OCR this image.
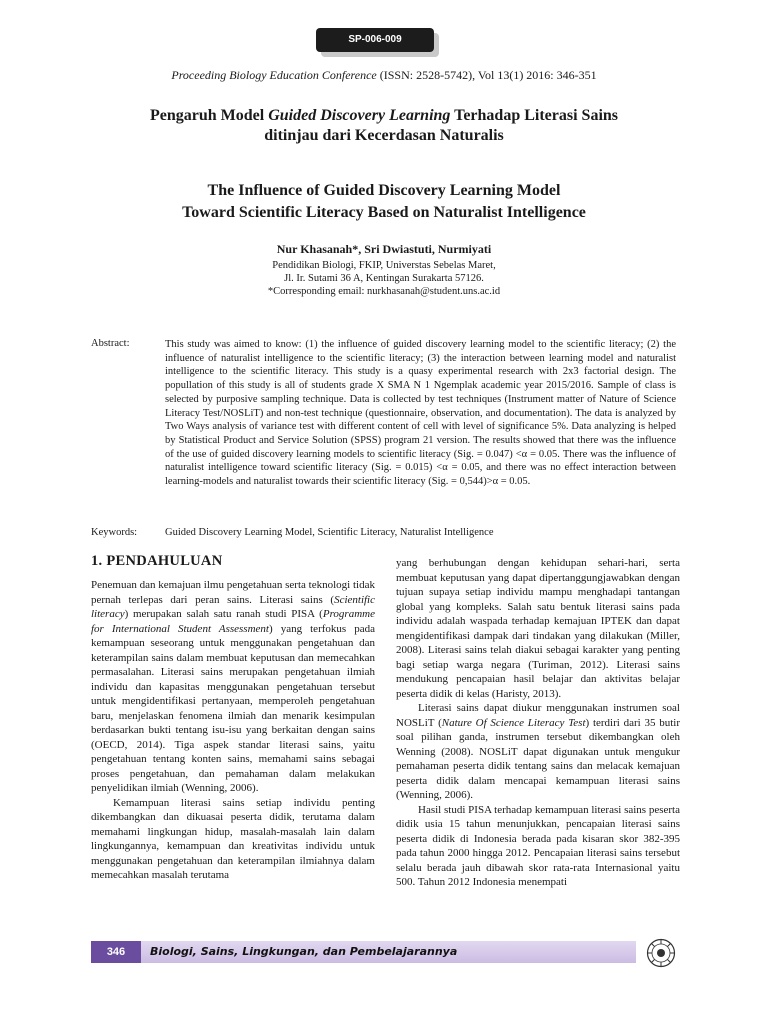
SP-006-009
Proceeding Biology Education Conference (ISSN: 2528-5742), Vol 13(1) 2016: 346-351
Pengaruh Model Guided Discovery Learning Terhadap Literasi Sains
ditinjau dari Kecerdasan Naturalis
The Influence of Guided Discovery Learning Model
Toward Scientific Literacy Based on Naturalist Intelligence
Nur Khasanah*, Sri Dwiastuti, Nurmiyati
Pendidikan Biologi, FKIP, Universtas Sebelas Maret,
Jl. Ir. Sutami 36 A, Kentingan Surakarta 57126.
*Corresponding email: nurkhasanah@student.uns.ac.id
Abstract:	This study was aimed to know: (1) the influence of guided discovery learning model to the scientific literacy; (2) the influence of naturalist intelligence to the scientific literacy; (3) the interaction between learning model and naturalist intelligence to the scientific literacy. This study is a quasy experimental research with 2x3 factorial design. The popullation of this study is all of students grade X SMA N 1 Ngemplak academic year 2015/2016. Sample of class is selected by purposive sampling technique. Data is collected by test techniques (Instrument matter of Nature of Science Literacy Test/NOSLiT) and non-test technique (questionnaire, observation, and documentation). The data is analyzed by Two Ways analysis of variance test with different content of cell with level of significance 5%. Data analyzing is helped by Statistical Product and Service Solution (SPSS) program 21 version. The results showed that there was the influence of the use of guided discovery learning models to scientific literacy (Sig. = 0.047) <α = 0.05. There was the influence of naturalist intelligence toward scientific literacy (Sig. = 0.015) <α = 0.05, and there was no effect interaction between learning-models and naturalist towards their scientific literacy (Sig. = 0,544)>α = 0.05.
Keywords:	Guided Discovery Learning Model, Scientific Literacy, Naturalist Intelligence
1. PENDAHULUAN

Penemuan dan kemajuan ilmu pengetahuan serta teknologi tidak pernah terlepas dari peran sains. Literasi sains (Scientific literacy) merupakan salah satu ranah studi PISA (Programme for International Student Assessment) yang terfokus pada kemampuan seseorang untuk menggunakan pengetahuan dan keterampilan sains dalam membuat keputusan dan memecahkan permasalahan. Literasi sains merupakan pengetahuan ilmiah individu dan kapasitas menggunakan pengetahuan tersebut untuk mengidentifikasi pertanyaan, memperoleh pengetahuan baru, menjelaskan fenomena ilmiah dan menarik kesimpulan berdasarkan bukti tentang isu-isu yang berkaitan dengan sains (OECD, 2014). Tiga aspek standar literasi sains, yaitu pengetahuan tentang konten sains, memahami sains sebagai proses pengetahuan, dan pemahaman dalam melakukan penyelidikan ilmiah (Wenning, 2006).

Kemampuan literasi sains setiap individu penting dikembangkan dan dikuasai peserta didik, terutama dalam memahami lingkungan hidup, masalah-masalah lain dalam lingkungannya, kemampuan dan kreativitas individu untuk menggunakan pengetahuan dan keterampilan ilmiahnya dalam memecahkan masalah terutama

yang berhubungan dengan kehidupan sehari-hari, serta membuat keputusan yang dapat dipertanggungjawabkan dengan tujuan supaya setiap individu mampu menghadapi tantangan global yang kompleks. Salah satu bentuk literasi sains pada individu adalah waspada terhadap kemajuan IPTEK dan dapat mengidentifikasi dampak dari tindakan yang dilakukan (Miller, 2008). Literasi sains telah diakui sebagai karakter yang penting bagi setiap warga negara (Turiman, 2012). Literasi sains mendukung pencapaian hasil belajar dan aktivitas belajar peserta didik di kelas (Haristy, 2013).

Literasi sains dapat diukur menggunakan instrumen soal NOSLiT (Nature Of Science Literacy Test) terdiri dari 35 butir soal pilihan ganda, instrumen tersebut dikembangkan oleh Wenning (2008). NOSLiT dapat digunakan untuk mengukur pemahaman peserta didik tentang sains dan melacak kemajuan peserta didik dalam mencapai kemampuan literasi sains (Wenning, 2006).

Hasil studi PISA terhadap kemampuan literasi sains peserta didik usia 15 tahun menunjukkan, pencapaian literasi sains peserta didik di Indonesia berada pada kisaran skor 382-395 pada tahun 2000 hingga 2012. Pencapaian literasi sains tersebut selalu berada jauh dibawah skor rata-rata Internasional yaitu 500. Tahun 2012 Indonesia menempati

346	Biologi, Sains, Lingkungan, dan Pembelajarannya
